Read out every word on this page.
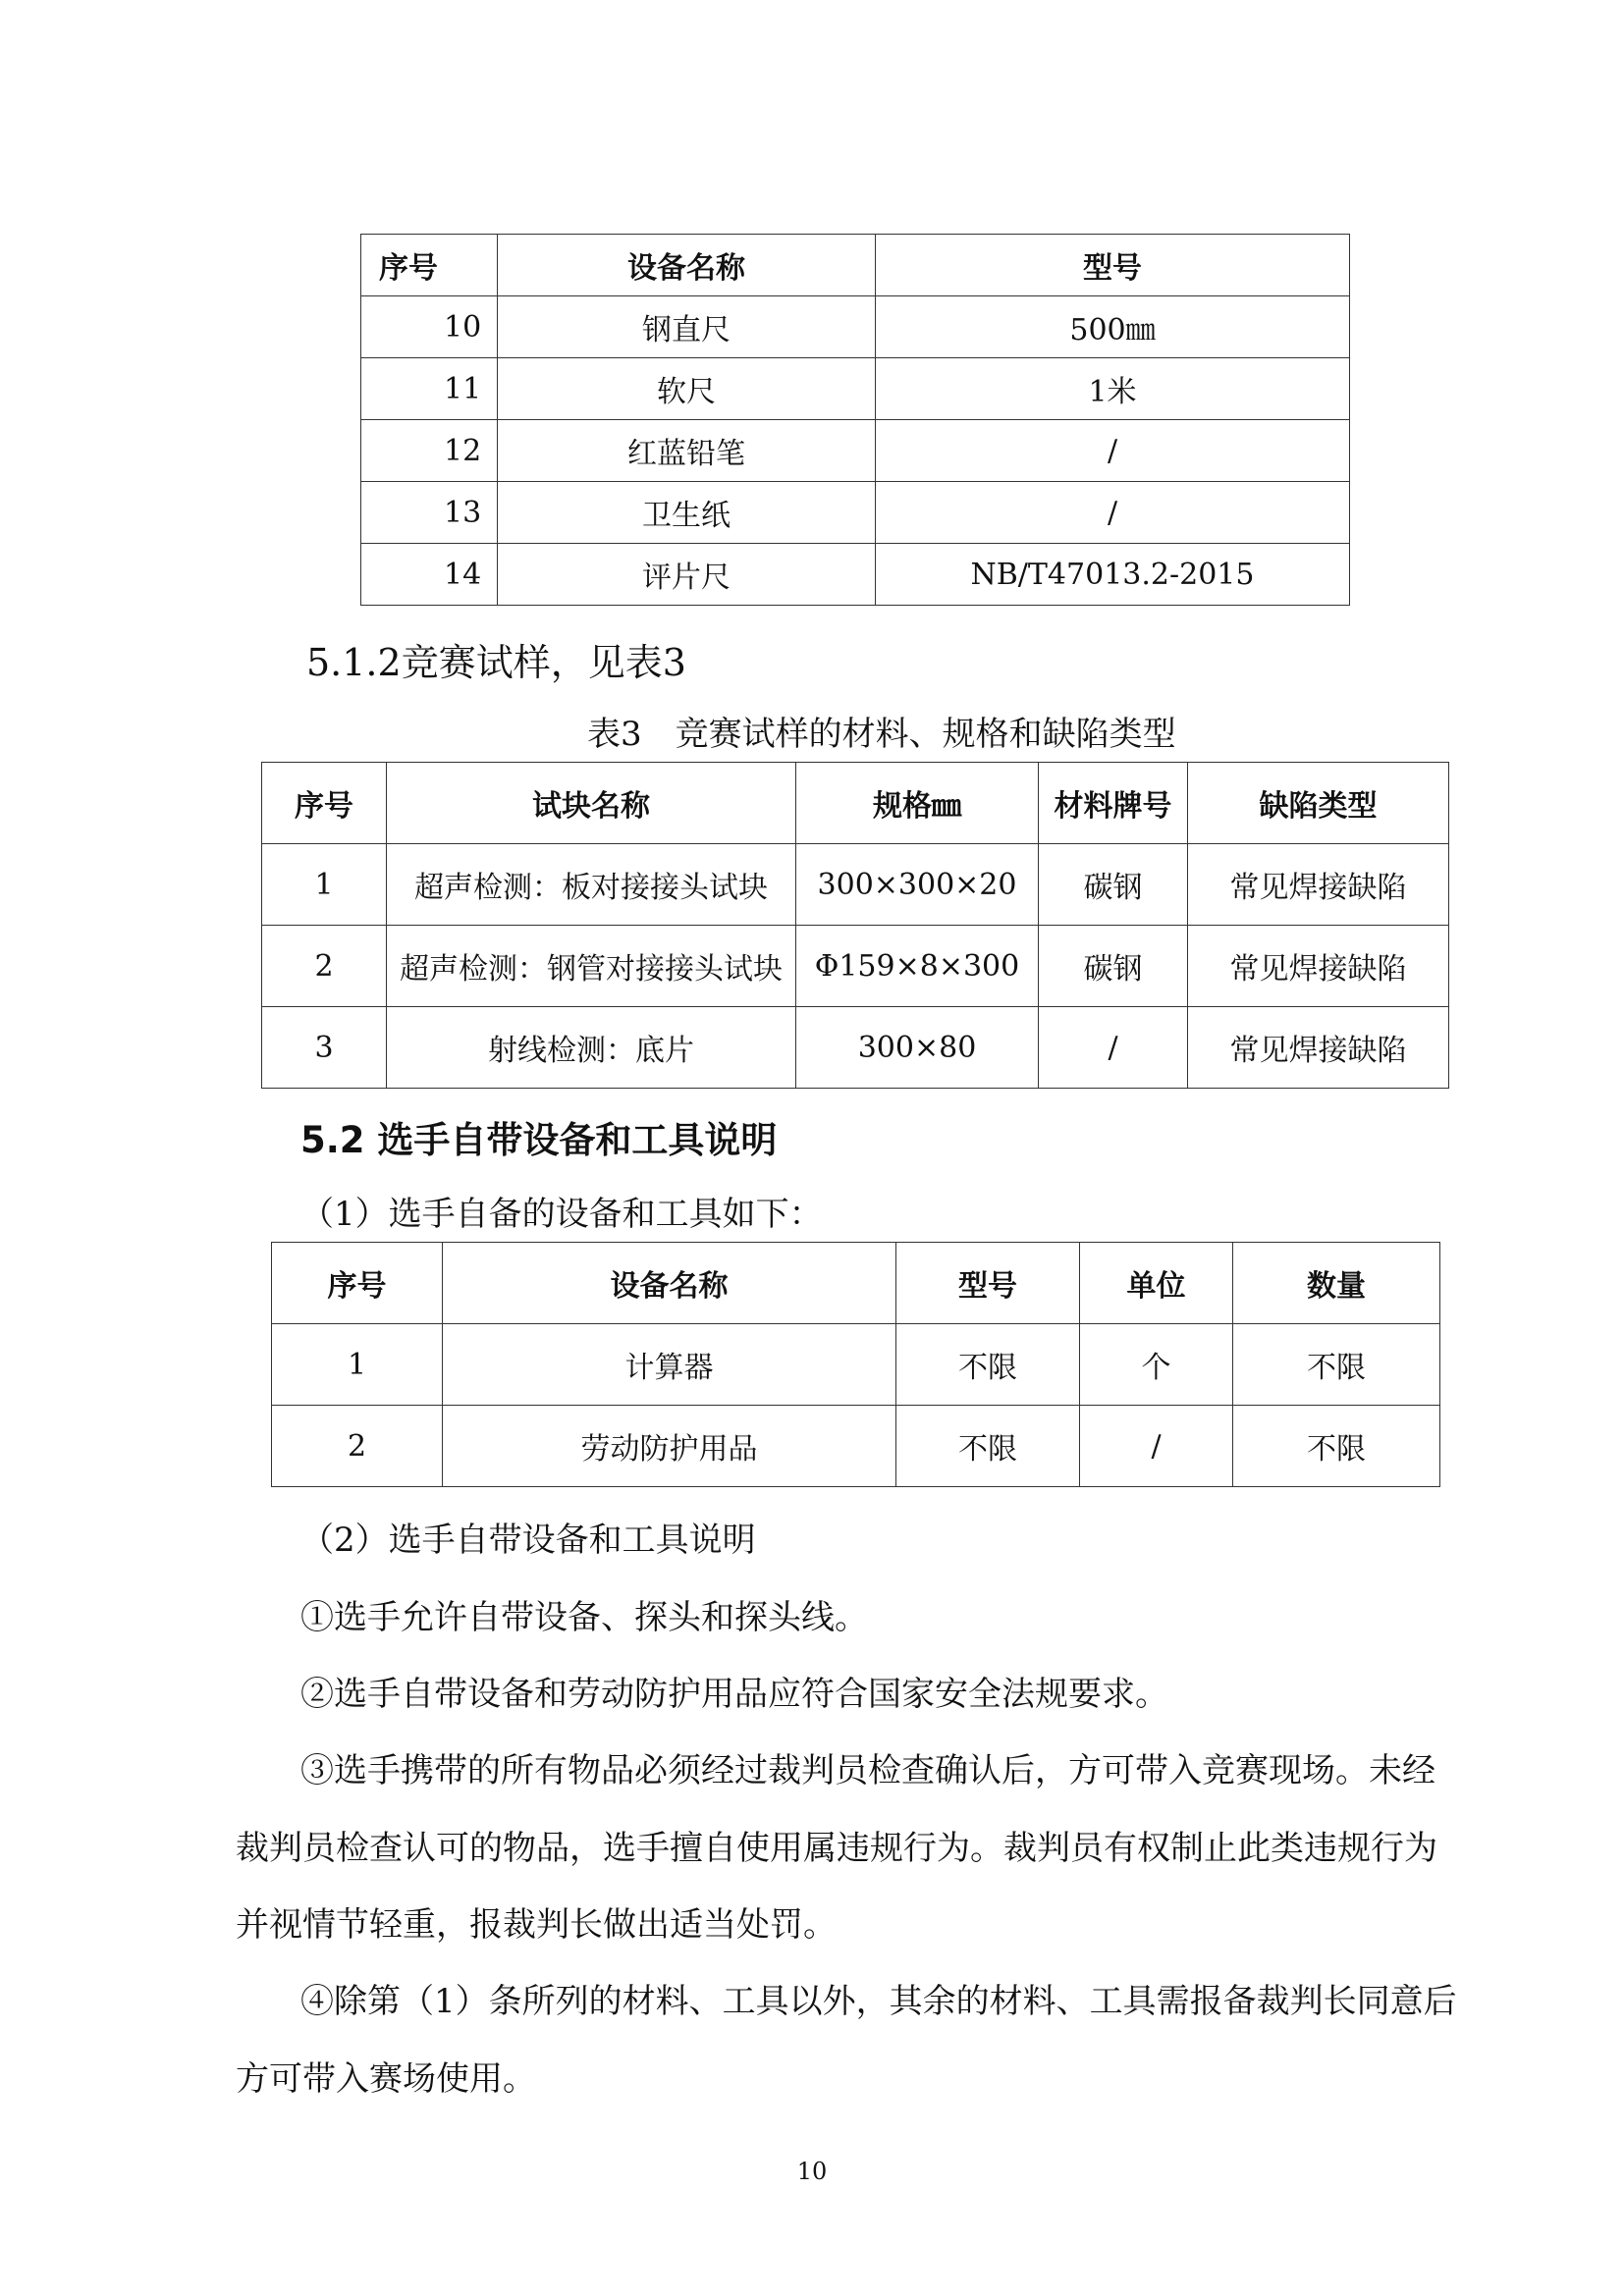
序号	设备名称	型号
10	钢直尺	500㎜
11	软尺	1米
12	红蓝铅笔	/
13	卫生纸	/
14	评片尺	NB/T47013.2-2015
5.1.2竞赛试样，见表3
表3　竞赛试样的材料、规格和缺陷类型
序号	试块名称	规格㎜	材料牌号	缺陷类型
1	超声检测：板对接接头试块	300×300×20	碳钢	常见焊接缺陷
2	超声检测：钢管对接接头试块	Φ159×8×300	碳钢	常见焊接缺陷
3	射线检测：底片	300×80	/	常见焊接缺陷
5.2 选手自带设备和工具说明
（1）选手自备的设备和工具如下：
序号	设备名称	型号	单位	数量
1	计算器	不限	个	不限
2	劳动防护用品	不限	/	不限
（2）选手自带设备和工具说明
①选手允许自带设备、探头和探头线。
②选手自带设备和劳动防护用品应符合国家安全法规要求。
③选手携带的所有物品必须经过裁判员检查确认后，方可带入竞赛现场。未经
裁判员检查认可的物品，选手擅自使用属违规行为。裁判员有权制止此类违规行为
并视情节轻重，报裁判长做出适当处罚。
④除第（1）条所列的材料、工具以外，其余的材料、工具需报备裁判长同意后
方可带入赛场使用。
10
